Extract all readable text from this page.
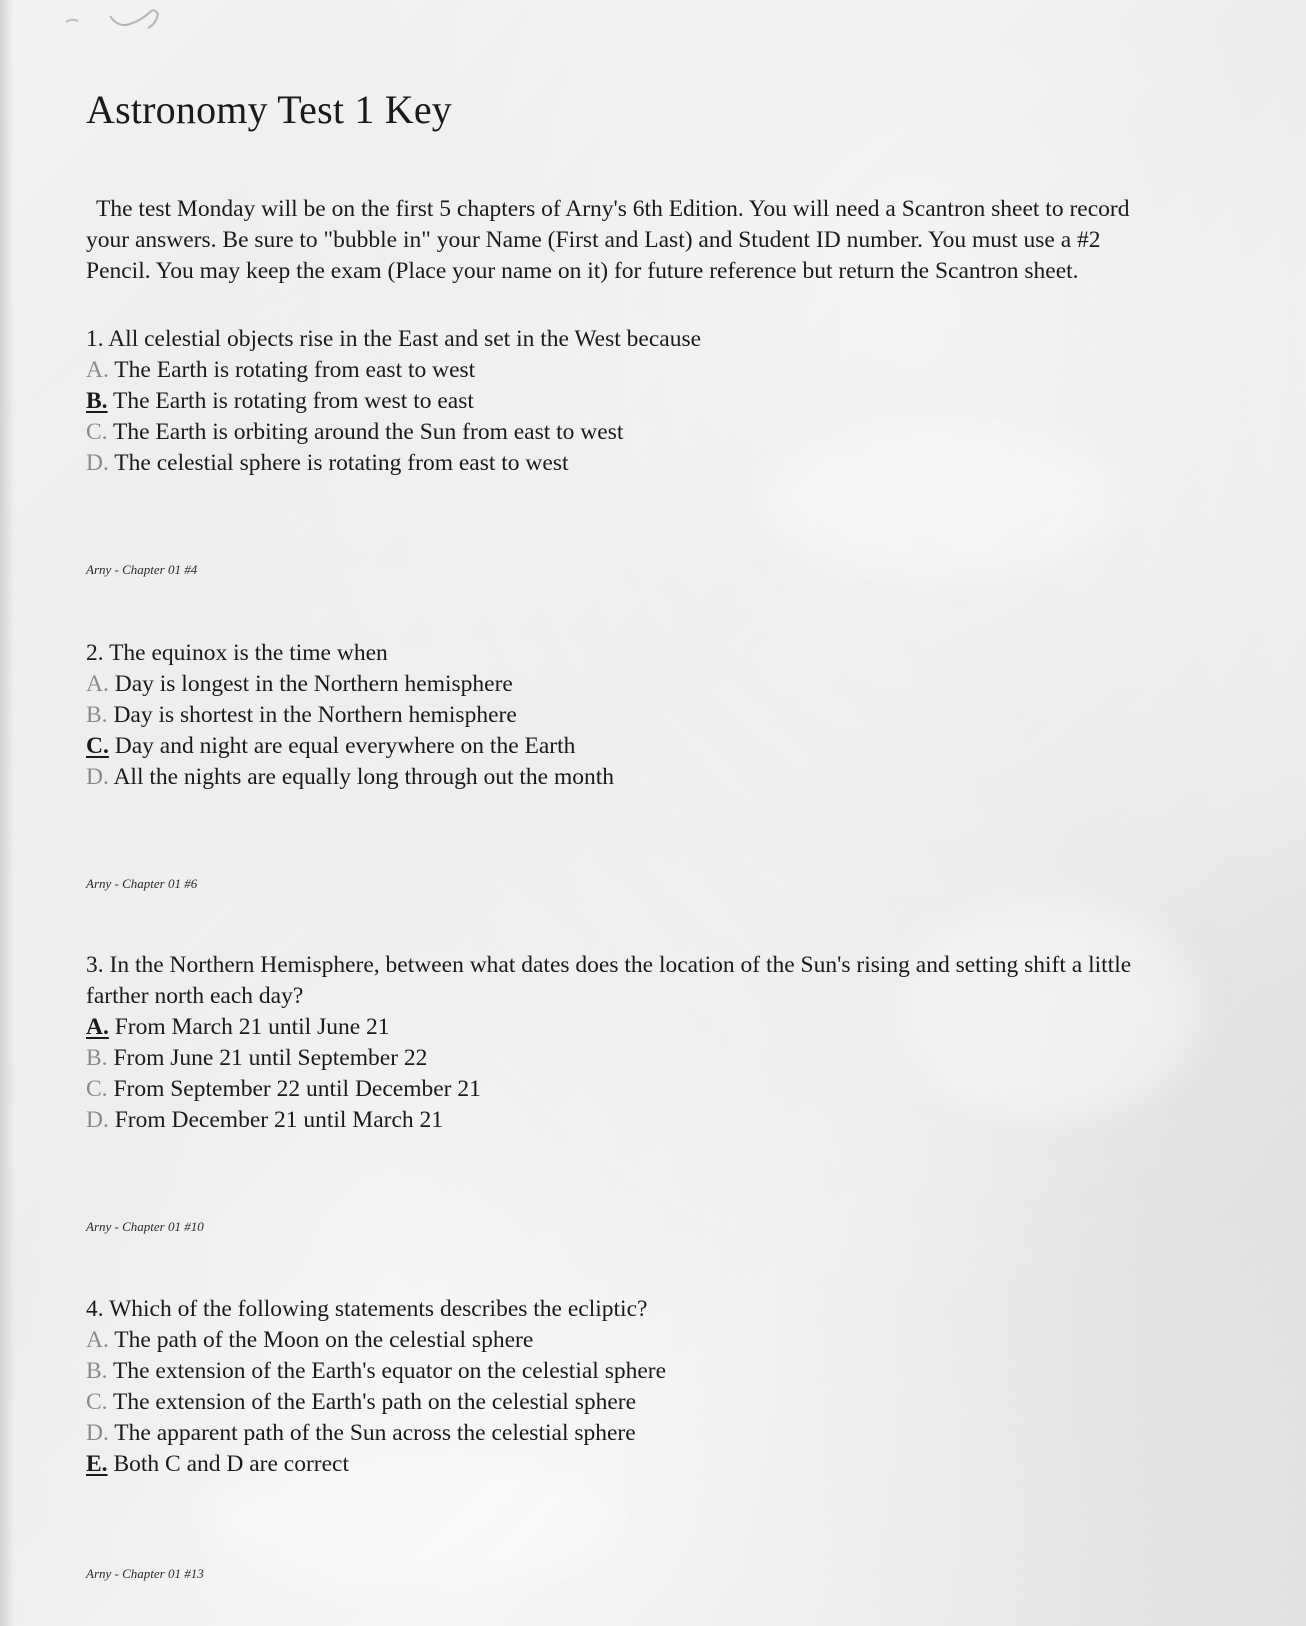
Astronomy Test 1 Key

The test Monday will be on the first 5 chapters of Arny's 6th Edition. You will need a Scantron sheet to record
your answers. Be sure to "bubble in" your Name (First and Last) and Student ID number. You must use a #2
Pencil. You may keep the exam (Place your name on it) for future reference but return the Scantron sheet.

1. All celestial objects rise in the East and set in the West because
A. The Earth is rotating from east to west
B. The Earth is rotating from west to east
C. The Earth is orbiting around the Sun from east to west
D. The celestial sphere is rotating from east to west
Arny - Chapter 01 #4
2. The equinox is the time when
A. Day is longest in the Northern hemisphere
B. Day is shortest in the Northern hemisphere
C. Day and night are equal everywhere on the Earth
D. All the nights are equally long through out the month
Arny - Chapter 01 #6
3. In the Northern Hemisphere, between what dates does the location of the Sun's rising and setting shift a little
farther north each day?
A. From March 21 until June 21
B. From June 21 until September 22
C. From September 22 until December 21
D. From December 21 until March 21
Arny - Chapter 01 #10
4. Which of the following statements describes the ecliptic?
A. The path of the Moon on the celestial sphere
B. The extension of the Earth's equator on the celestial sphere
C. The extension of the Earth's path on the celestial sphere
D. The apparent path of the Sun across the celestial sphere
E. Both C and D are correct
Arny - Chapter 01 #13
